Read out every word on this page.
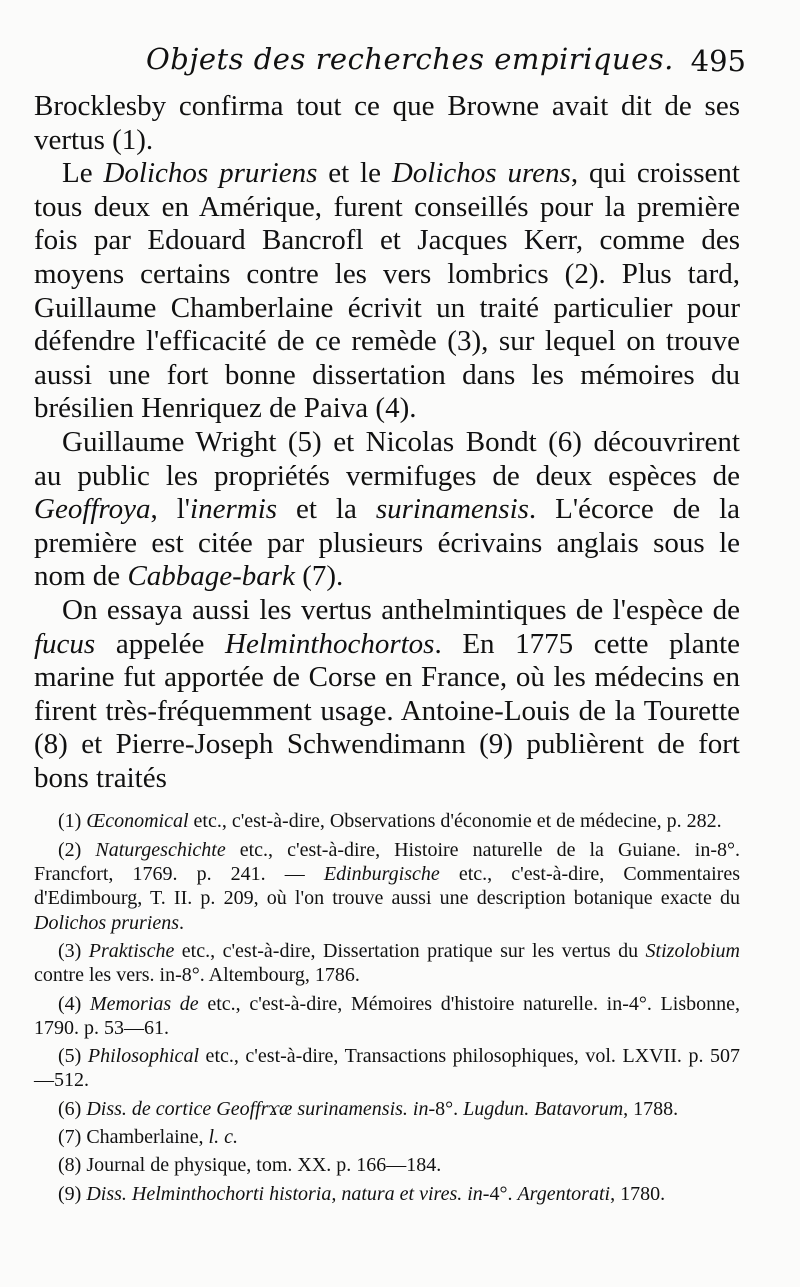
Objets des recherches empiriques. 495

Brocklesby confirma tout ce que Browne avait dit de ses vertus (1).

Le Dolichos pruriens et le Dolichos urens, qui croissent tous deux en Amérique, furent conseillés pour la première fois par Edouard Bancrofl et Jacques Kerr, comme des moyens certains contre les vers lombrics (2). Plus tard, Guillaume Chamberlaine écrivit un traité particulier pour défendre l'efficacité de ce remède (3), sur lequel on trouve aussi une fort bonne dissertation dans les mémoires du brésilien Henriquez de Paiva (4).

Guillaume Wright (5) et Nicolas Bondt (6) découvrirent au public les propriétés vermifuges de deux espèces de Geoffroya, l'inermis et la surinamensis. L'écorce de la première est citée par plusieurs écrivains anglais sous le nom de Cabbage-bark (7).

On essaya aussi les vertus anthelmintiques de l'espèce de fucus appelée Helminthochortos. En 1775 cette plante marine fut apportée de Corse en France, où les médecins en firent très-fréquemment usage. Antoine-Louis de la Tourette (8) et Pierre-Joseph Schwendimann (9) publièrent de fort bons traités

(1) Œconomical etc., c'est-à-dire, Observations d'économie et de médecine, p. 282.

(2) Naturgeschichte etc., c'est-à-dire, Histoire naturelle de la Guiane. in-8°. Francfort, 1769. p. 241. — Edinburgische etc., c'est-à-dire, Commentaires d'Edimbourg, T. II. p. 209, où l'on trouve aussi une description botanique exacte du Dolichos pruriens.

(3) Praktische etc., c'est-à-dire, Dissertation pratique sur les vertus du Stizolobium contre les vers. in-8°. Altembourg, 1786.

(4) Memorias de etc., c'est-à-dire, Mémoires d'histoire naturelle. in-4°. Lisbonne, 1790. p. 53—61.

(5) Philosophical etc., c'est-à-dire, Transactions philosophiques, vol. LXVII. p. 507—512.

(6) Diss. de cortice Geoffrϫæ surinamensis. in-8°. Lugdun. Batavorum, 1788.

(7) Chamberlaine, l. c.

(8) Journal de physique, tom. XX. p. 166—184.

(9) Diss. Helminthochorti historia, natura et vires. in-4°. Argentorati, 1780.
